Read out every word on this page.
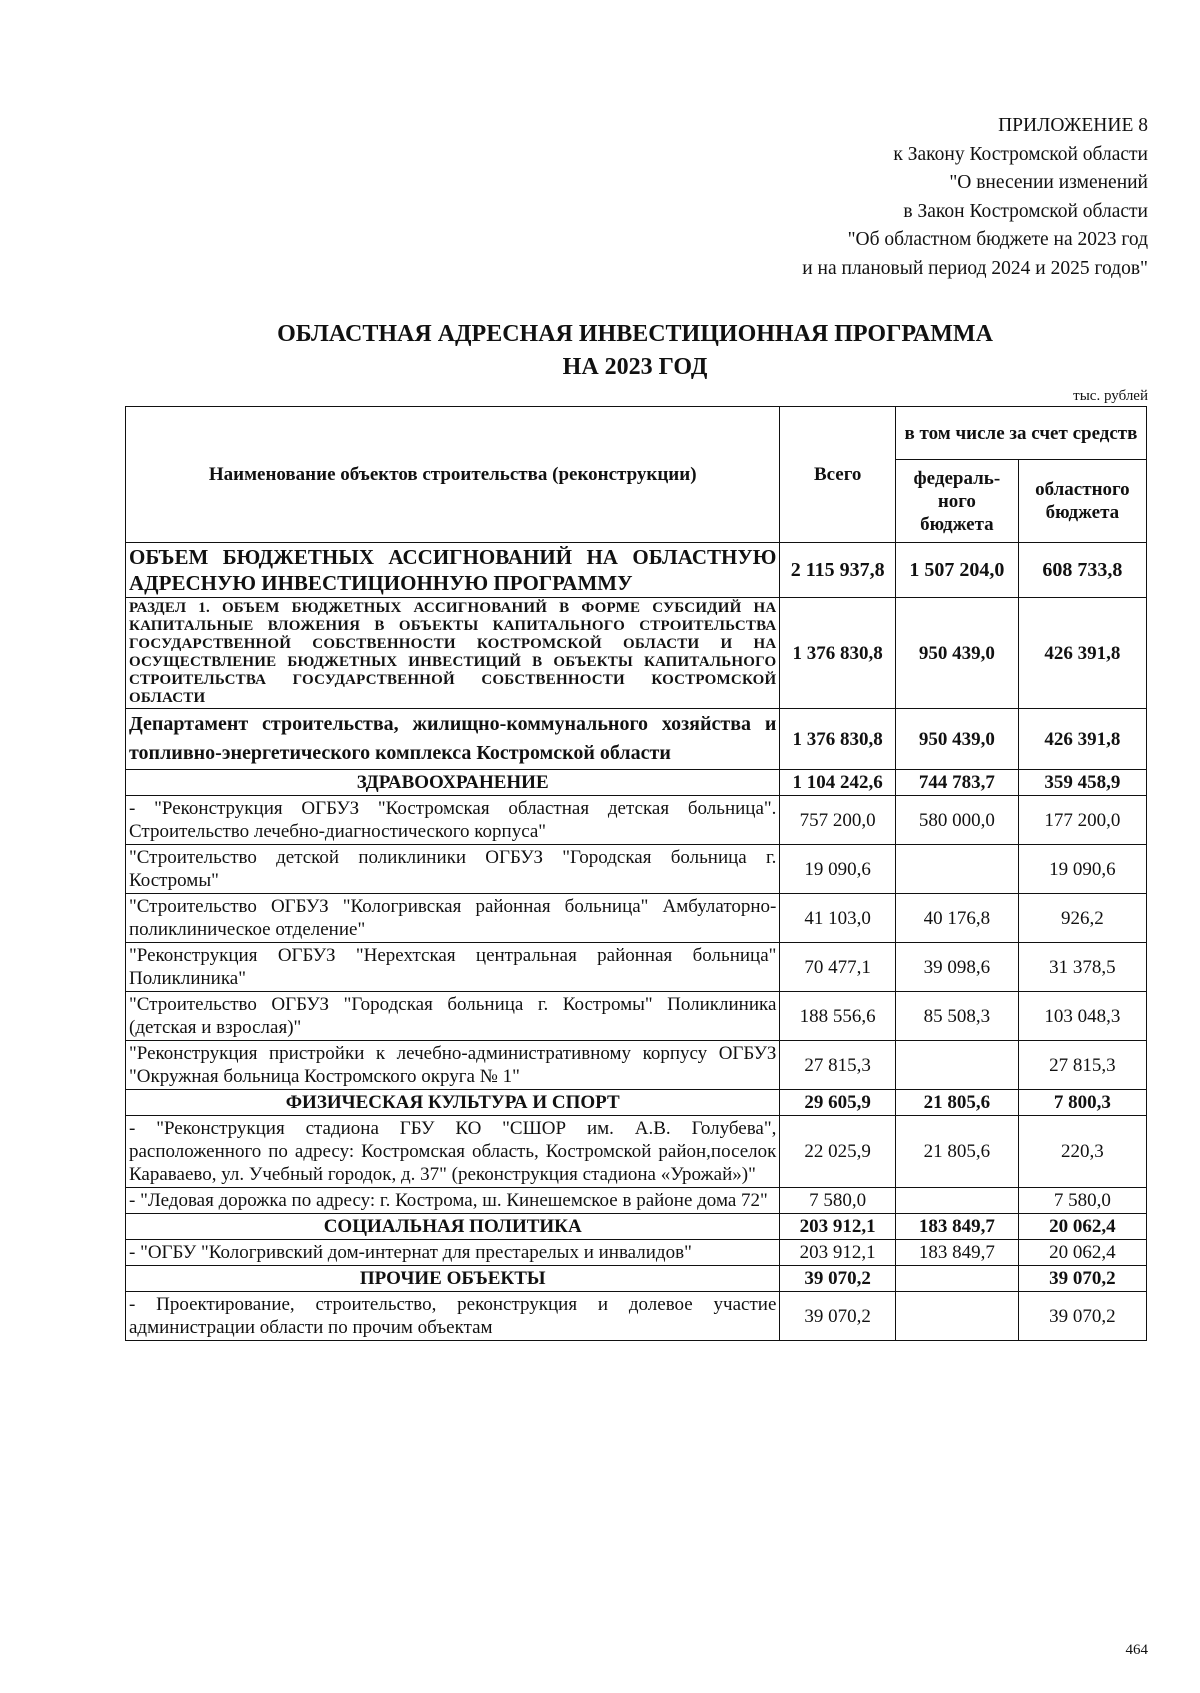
ПРИЛОЖЕНИЕ 8
к Закону Костромской области
"О внесении изменений
в Закон Костромской области
"Об областном бюджете на 2023 год
и на плановый период 2024 и 2025 годов"
ОБЛАСТНАЯ АДРЕСНАЯ ИНВЕСТИЦИОННАЯ ПРОГРАММА
НА 2023 ГОД
тыс. рублей
Наименование объектов строительства (реконструкции)	Всего	в том числе за счет средств	
		федераль-ного бюджета	областного бюджета
ОБЪЕМ БЮДЖЕТНЫХ АССИГНОВАНИЙ НА ОБЛАСТНУЮ АДРЕСНУЮ ИНВЕСТИЦИОННУЮ ПРОГРАММУ	2 115 937,8	1 507 204,0	608 733,8
РАЗДЕЛ 1. ОБЪЕМ БЮДЖЕТНЫХ АССИГНОВАНИЙ В ФОРМЕ СУБСИДИЙ НА КАПИТАЛЬНЫЕ ВЛОЖЕНИЯ В ОБЪЕКТЫ КАПИТАЛЬНОГО СТРОИТЕЛЬСТВА ГОСУДАРСТВЕННОЙ СОБСТВЕННОСТИ КОСТРОМСКОЙ ОБЛАСТИ И НА ОСУЩЕСТВЛЕНИЕ БЮДЖЕТНЫХ ИНВЕСТИЦИЙ В ОБЪЕКТЫ КАПИТАЛЬНОГО СТРОИТЕЛЬСТВА ГОСУДАРСТВЕННОЙ СОБСТВЕННОСТИ КОСТРОМСКОЙ ОБЛАСТИ	1 376 830,8	950 439,0	426 391,8
Департамент строительства, жилищно-коммунального хозяйства и топливно-энергетического комплекса Костромской области	1 376 830,8	950 439,0	426 391,8
ЗДРАВООХРАНЕНИЕ	1 104 242,6	744 783,7	359 458,9
- "Реконструкция ОГБУЗ "Костромская областная детская больница". Строительство лечебно-диагностического корпуса"	757 200,0	580 000,0	177 200,0
"Строительство детской поликлиники ОГБУЗ "Городская больница г. Костромы"	19 090,6		19 090,6
"Строительство ОГБУЗ "Кологривская районная больница" Амбулаторно-поликлиническое отделение"	41 103,0	40 176,8	926,2
"Реконструкция ОГБУЗ "Нерехтская центральная районная больница" Поликлиника"	70 477,1	39 098,6	31 378,5
"Строительство ОГБУЗ "Городская больница г. Костромы" Поликлиника (детская и взрослая)"	188 556,6	85 508,3	103 048,3
"Реконструкция пристройки к лечебно-административному корпусу ОГБУЗ "Окружная больница Костромского округа № 1"	27 815,3		27 815,3
ФИЗИЧЕСКАЯ КУЛЬТУРА И СПОРТ	29 605,9	21 805,6	7 800,3
- "Реконструкция стадиона ГБУ КО "СШОР им. А.В. Голубева", расположенного по адресу: Костромская область, Костромской район,поселок Караваево, ул. Учебный городок, д. 37" (реконструкция стадиона «Урожай»)"	22 025,9	21 805,6	220,3
- "Ледовая дорожка по адресу: г. Кострома, ш. Кинешемское в районе дома 72"	7 580,0		7 580,0
СОЦИАЛЬНАЯ ПОЛИТИКА	203 912,1	183 849,7	20 062,4
- "ОГБУ "Кологривский дом-интернат для престарелых и инвалидов"	203 912,1	183 849,7	20 062,4
ПРОЧИЕ ОБЪЕКТЫ	39 070,2		39 070,2
- Проектирование, строительство, реконструкция и долевое участие администрации области по прочим объектам	39 070,2		39 070,2
464
